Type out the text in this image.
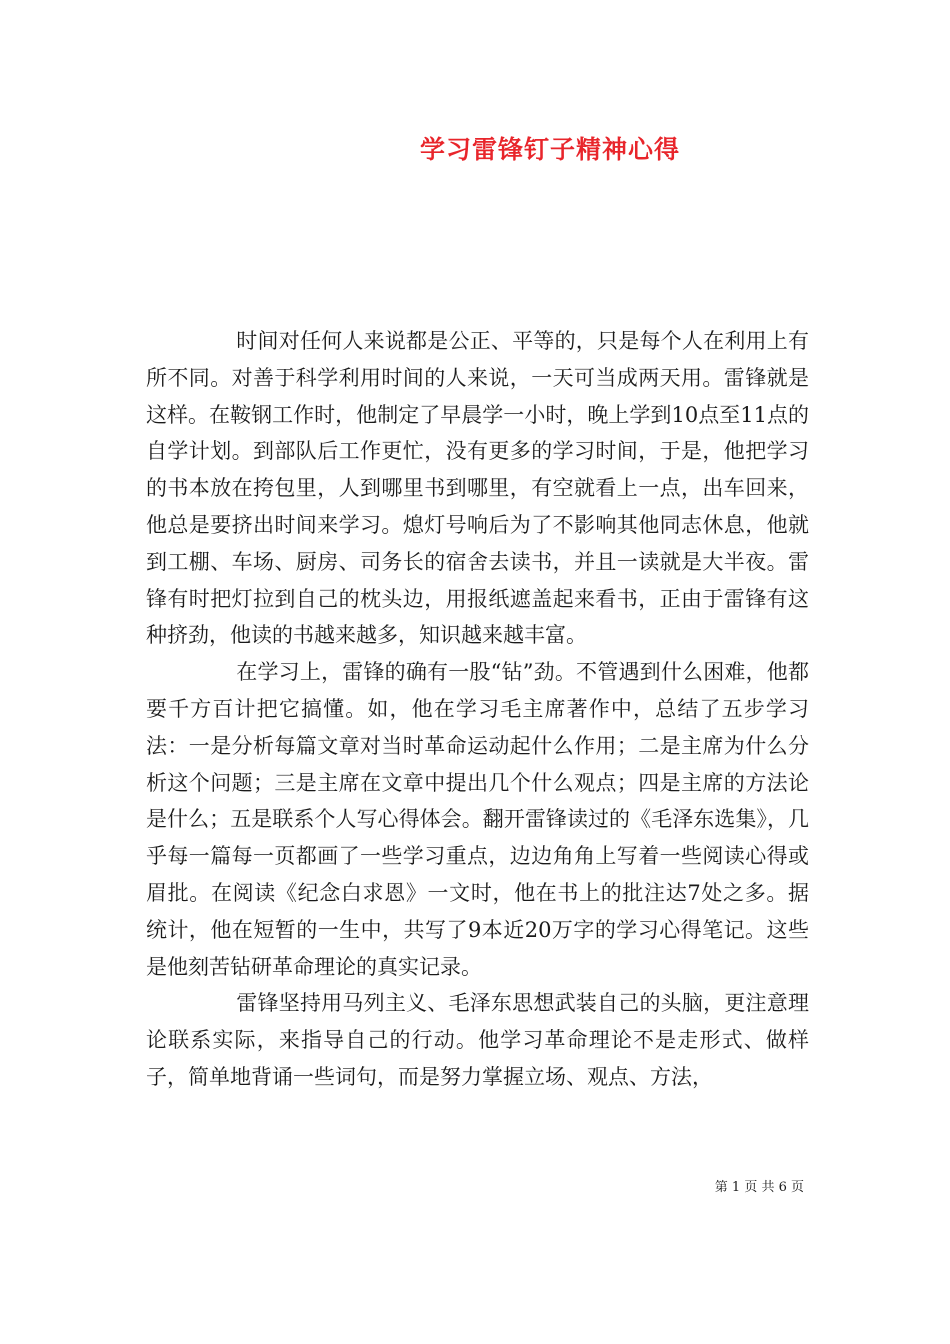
学习雷锋钉子精神心得

时间对任何人来说都是公正、平等的，只是每个人在利用上有所不同。对善于科学利用时间的人来说，一天可当成两天用。雷锋就是这样。在鞍钢工作时，他制定了早晨学一小时，晚上学到10点至11点的自学计划。到部队后工作更忙，没有更多的学习时间，于是，他把学习的书本放在挎包里，人到哪里书到哪里，有空就看上一点，出车回来，他总是要挤出时间来学习。熄灯号响后为了不影响其他同志休息，他就到工棚、车场、厨房、司务长的宿舍去读书，并且一读就是大半夜。雷锋有时把灯拉到自己的枕头边，用报纸遮盖起来看书，正由于雷锋有这种挤劲，他读的书越来越多，知识越来越丰富。

在学习上，雷锋的确有一股“钻”劲。不管遇到什么困难，他都要千方百计把它搞懂。如，他在学习毛主席著作中，总结了五步学习法：一是分析每篇文章对当时革命运动起什么作用；二是主席为什么分析这个问题；三是主席在文章中提出几个什么观点；四是主席的方法论是什么；五是联系个人写心得体会。翻开雷锋读过的《毛泽东选集》，几乎每一篇每一页都画了一些学习重点，边边角角上写着一些阅读心得或眉批。在阅读《纪念白求恩》一文时，他在书上的批注达7处之多。据统计，他在短暂的一生中，共写了9本近20万字的学习心得笔记。这些是他刻苦钻研革命理论的真实记录。

雷锋坚持用马列主义、毛泽东思想武装自己的头脑，更注意理论联系实际，来指导自己的行动。他学习革命理论不是走形式、做样子，简单地背诵一些词句，而是努力掌握立场、观点、方法，

第 1 页 共 6 页
